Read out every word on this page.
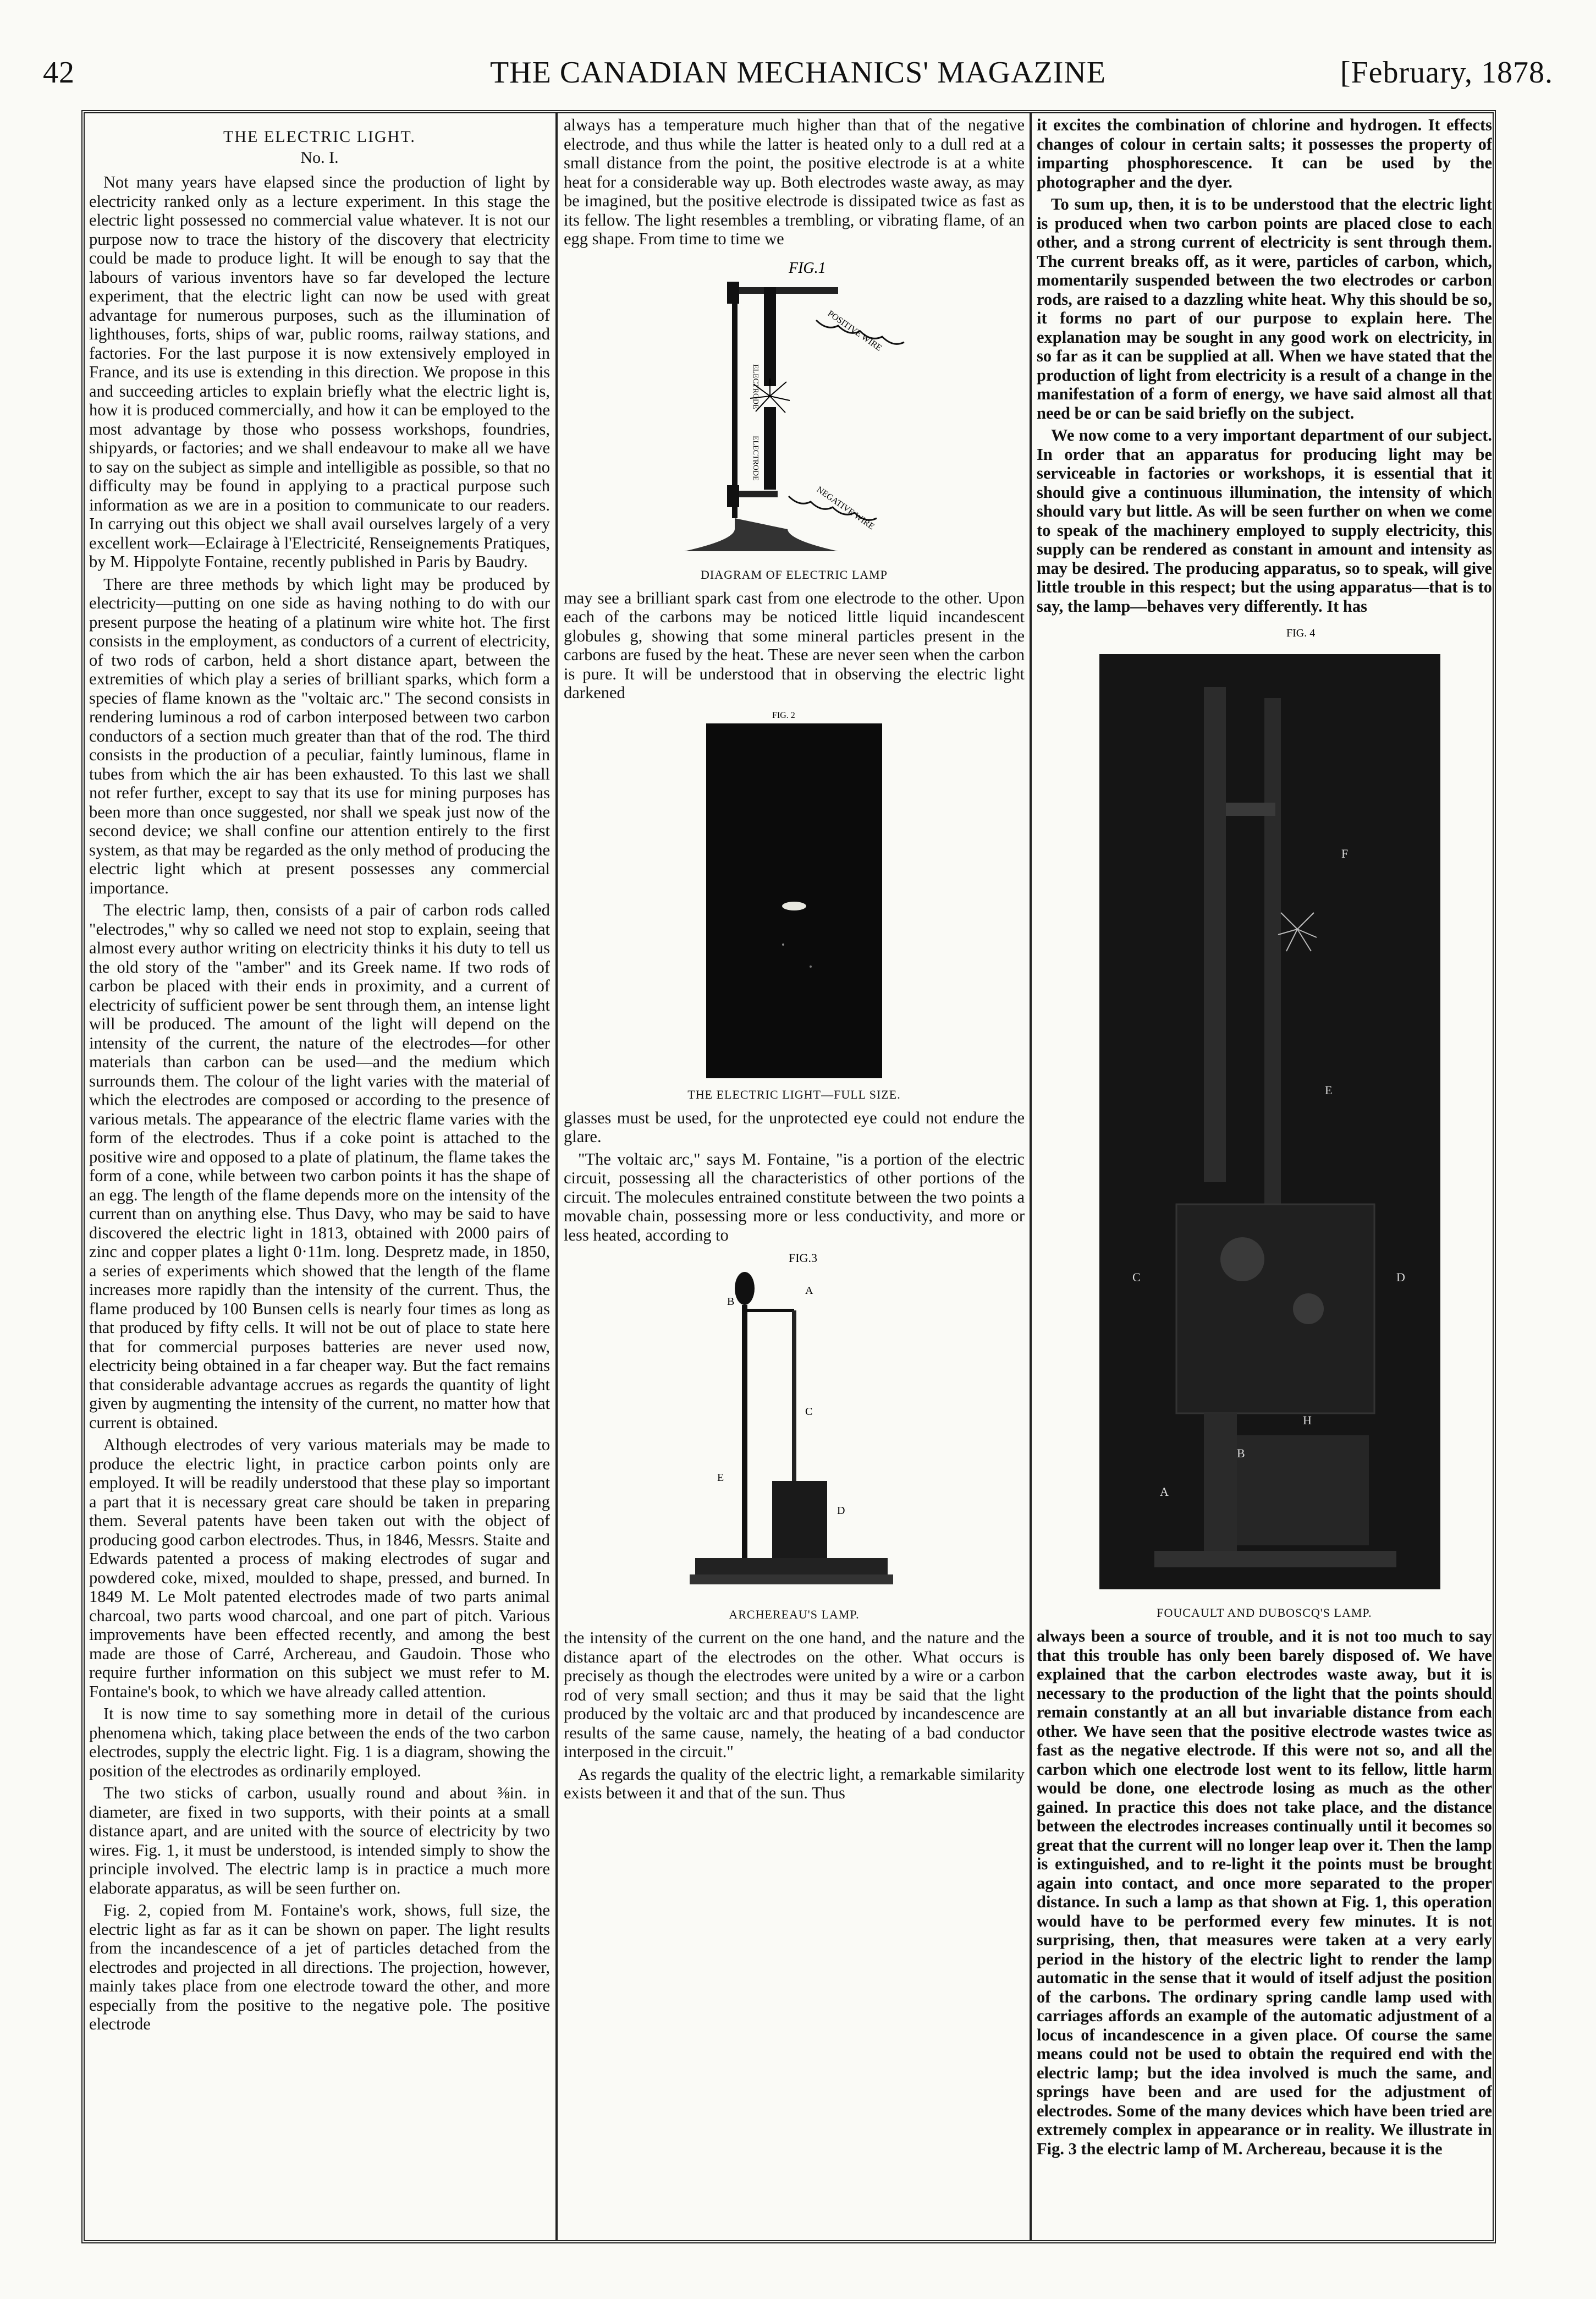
42	THE CANADIAN MECHANICS' MAGAZINE	[February, 1878.
THE ELECTRIC LIGHT.
No. I.

Not many years have elapsed since the production of light by electricity ranked only as a lecture experiment. In this stage the electric light possessed no commercial value whatever. It is not our purpose now to trace the history of the discovery that electricity could be made to produce light. It will be enough to say that the labours of various inventors have so far developed the lecture experiment, that the electric light can now be used with great advantage for numerous purposes, such as the illumination of lighthouses, forts, ships of war, public rooms, railway stations, and factories. For the last purpose it is now extensively employed in France, and its use is extending in this direction. We propose in this and succeeding articles to explain briefly what the electric light is, how it is produced commercially, and how it can be employed to the most advantage by those who possess workshops, foundries, shipyards, or factories; and we shall endeavour to make all we have to say on the subject as simple and intelligible as possible, so that no difficulty may be found in applying to a practical purpose such information as we are in a position to communicate to our readers. In carrying out this object we shall avail ourselves largely of a very excellent work—Eclairage à l'Electricité, Renseignements Pratiques, by M. Hippolyte Fontaine, recently published in Paris by Baudry.

There are three methods by which light may be produced by electricity—putting on one side as having nothing to do with our present purpose the heating of a platinum wire white hot. The first consists in the employment, as conductors of a current of electricity, of two rods of carbon, held a short distance apart, between the extremities of which play a series of brilliant sparks, which form a species of flame known as the "voltaic arc." The second consists in rendering luminous a rod of carbon interposed between two carbon conductors of a section much greater than that of the rod. The third consists in the production of a peculiar, faintly luminous, flame in tubes from which the air has been exhausted. To this last we shall not refer further, except to say that its use for mining purposes has been more than once suggested, nor shall we speak just now of the second device; we shall confine our attention entirely to the first system, as that may be regarded as the only method of producing the electric light which at present possesses any commercial importance.

The electric lamp, then, consists of a pair of carbon rods called "electrodes," why so called we need not stop to explain, seeing that almost every author writing on electricity thinks it his duty to tell us the old story of the "amber" and its Greek name. If two rods of carbon be placed with their ends in proximity, and a current of electricity of sufficient power be sent through them, an intense light will be produced. The amount of the light will depend on the intensity of the current, the nature of the electrodes—for other materials than carbon can be used—and the medium which surrounds them. The colour of the light varies with the material of which the electrodes are composed or according to the presence of various metals. The appearance of the electric flame varies with the form of the electrodes. Thus if a coke point is attached to the positive wire and opposed to a plate of platinum, the flame takes the form of a cone, while between two carbon points it has the shape of an egg. The length of the flame depends more on the intensity of the current than on anything else. Thus Davy, who may be said to have discovered the electric light in 1813, obtained with 2000 pairs of zinc and copper plates a light 0·11m. long. Despretz made, in 1850, a series of experiments which showed that the length of the flame increases more rapidly than the intensity of the current. Thus, the flame produced by 100 Bunsen cells is nearly four times as long as that produced by fifty cells. It will not be out of place to state here that for commercial purposes batteries are never used now, electricity being obtained in a far cheaper way. But the fact remains that considerable advantage accrues as regards the quantity of light given by augmenting the intensity of the current, no matter how that current is obtained.

Although electrodes of very various materials may be made to produce the electric light, in practice carbon points only are employed. It will be readily understood that these play so important a part that it is necessary great care should be taken in preparing them. Several patents have been taken out with the object of producing good carbon electrodes. Thus, in 1846, Messrs. Staite and Edwards patented a process of making electrodes of sugar and powdered coke, mixed, moulded to shape, pressed, and burned. In 1849 M. Le Molt patented electrodes made of two parts animal charcoal, two parts wood charcoal, and one part of pitch. Various improvements have been effected recently, and among the best made are those of Carré, Archereau, and Gaudoin. Those who require further information on this subject we must refer to M. Fontaine's book, to which we have already called attention.

It is now time to say something more in detail of the curious phenomena which, taking place between the ends of the two carbon electrodes, supply the electric light. Fig. 1 is a diagram, showing the position of the electrodes as ordinarily employed.

The two sticks of carbon, usually round and about ⅜in. in diameter, are fixed in two supports, with their points at a small distance apart, and are united with the source of electricity by two wires. Fig. 1, it must be understood, is intended simply to show the principle involved. The electric lamp is in practice a much more elaborate apparatus, as will be seen further on.

Fig. 2, copied from M. Fontaine's work, shows, full size, the electric light as far as it can be shown on paper. The light results from the incandescence of a jet of particles detached from the electrodes and projected in all directions. The projection, however, mainly takes place from one electrode toward the other, and more especially from the positive to the negative pole. The positive electrode

always has a temperature much higher than that of the negative electrode, and thus while the latter is heated only to a dull red at a small distance from the point, the positive electrode is at a white heat for a considerable way up. Both electrodes waste away, as may be imagined, but the positive electrode is dissipated twice as fast as its fellow. The light resembles a trembling, or vibrating flame, of an egg shape. From time to time we

FIG.1
POSITIVE WIRE
NEGATIVE WIRE
ELECTRODE
ELECTRODE
DIAGRAM OF ELECTRIC LAMP

may see a brilliant spark cast from one electrode to the other. Upon each of the carbons may be noticed little liquid incandescent globules g, showing that some mineral particles present in the carbons are fused by the heat. These are never seen when the carbon is pure. It will be understood that in observing the electric light darkened

FIG. 2
THE ELECTRIC LIGHT—FULL SIZE.

glasses must be used, for the unprotected eye could not endure the glare.

"The voltaic arc," says M. Fontaine, "is a portion of the electric circuit, possessing all the characteristics of other portions of the circuit. The molecules entrained constitute between the two points a movable chain, possessing more or less conductivity, and more or less heated, according to

FIG.3
A
B
C
D
E
ARCHEREAU'S LAMP.

the intensity of the current on the one hand, and the nature and the distance apart of the electrodes on the other. What occurs is precisely as though the electrodes were united by a wire or a carbon rod of very small section; and thus it may be said that the light produced by the voltaic arc and that produced by incandescence are results of the same cause, namely, the heating of a bad conductor interposed in the circuit."

As regards the quality of the electric light, a remarkable similarity exists between it and that of the sun. Thus

it excites the combination of chlorine and hydrogen. It effects changes of colour in certain salts; it possesses the property of imparting phosphorescence. It can be used by the photographer and the dyer.

To sum up, then, it is to be understood that the electric light is produced when two carbon points are placed close to each other, and a strong current of electricity is sent through them. The current breaks off, as it were, particles of carbon, which, momentarily suspended between the two electrodes or carbon rods, are raised to a dazzling white heat. Why this should be so, it forms no part of our purpose to explain here. The explanation may be sought in any good work on electricity, in so far as it can be supplied at all. When we have stated that the production of light from electricity is a result of a change in the manifestation of a form of energy, we have said almost all that need be or can be said briefly on the subject.

We now come to a very important department of our subject. In order that an apparatus for producing light may be serviceable in factories or workshops, it is essential that it should give a continuous illumination, the intensity of which should vary but little. As will be seen further on when we come to speak of the machinery employed to supply electricity, this supply can be rendered as constant in amount and intensity as may be desired. The producing apparatus, so to speak, will give little trouble in this respect; but the using apparatus—that is to say, the lamp—behaves very differently. It has

FIG. 4
F
E
C	D
H
B
A
FOUCAULT AND DUBOSCQ'S LAMP.

always been a source of trouble, and it is not too much to say that this trouble has only been barely disposed of. We have explained that the carbon electrodes waste away, but it is necessary to the production of the light that the points should remain constantly at an all but invariable distance from each other. We have seen that the positive electrode wastes twice as fast as the negative electrode. If this were not so, and all the carbon which one electrode lost went to its fellow, little harm would be done, one electrode losing as much as the other gained. In practice this does not take place, and the distance between the electrodes increases continually until it becomes so great that the current will no longer leap over it. Then the lamp is extinguished, and to re-light it the points must be brought again into contact, and once more separated to the proper distance. In such a lamp as that shown at Fig. 1, this operation would have to be performed every few minutes. It is not surprising, then, that measures were taken at a very early period in the history of the electric light to render the lamp automatic in the sense that it would of itself adjust the position of the carbons. The ordinary spring candle lamp used with carriages affords an example of the automatic adjustment of a locus of incandescence in a given place. Of course the same means could not be used to obtain the required end with the electric lamp; but the idea involved is much the same, and springs have been and are used for the adjustment of electrodes. Some of the many devices which have been tried are extremely complex in appearance or in reality. We illustrate in Fig. 3 the electric lamp of M. Archereau, because it is the
